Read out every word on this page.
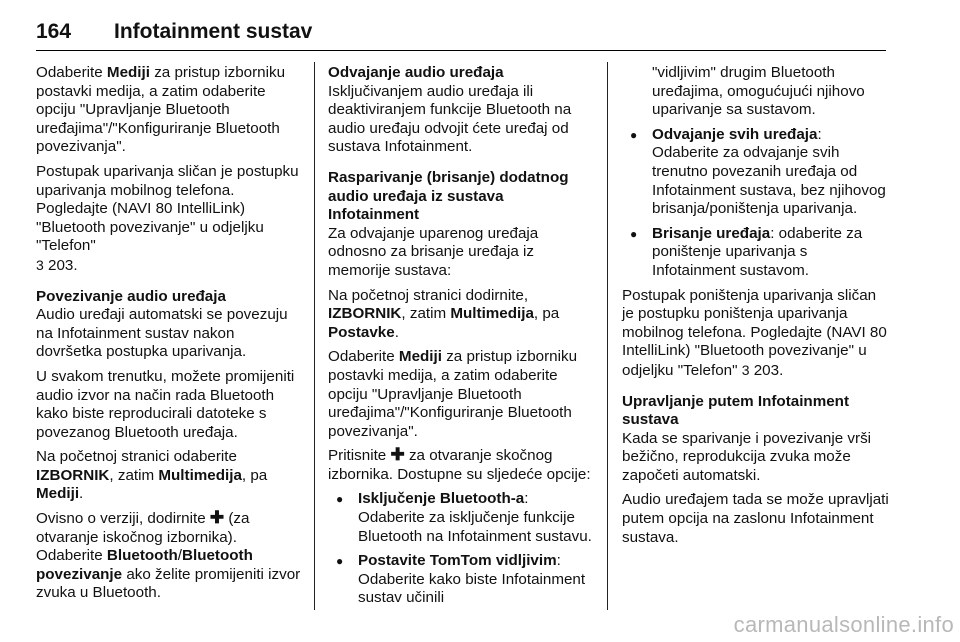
164 Infotainment sustav

Odaberite Mediji za pristup izborniku postavki medija, a zatim odaberite opciju "Upravljanje Bluetooth uređajima"/"Konfiguriranje Bluetooth povezivanja".

Postupak uparivanja sličan je postupku uparivanja mobilnog telefona. Pogledajte (NAVI 80 IntelliLink) "Bluetooth povezivanje" u odjeljku "Telefon"
3 203.

Povezivanje audio uređaja

Audio uređaji automatski se povezuju na Infotainment sustav nakon dovršetka postupka uparivanja.

U svakom trenutku, možete promijeniti audio izvor na način rada Bluetooth kako biste reproducirali datoteke s povezanog Bluetooth uređaja.

Na početnoj stranici odaberite IZBORNIK, zatim Multimedija, pa Mediji.

Ovisno o verziji, dodirnite ✚ (za otvaranje iskočnog izbornika). Odaberite Bluetooth/Bluetooth povezivanje ako želite promijeniti izvor zvuka u Bluetooth.

Odvajanje audio uređaja

Isključivanjem audio uređaja ili deaktiviranjem funkcije Bluetooth na audio uređaju odvojit ćete uređaj od sustava Infotainment.

Rasparivanje (brisanje) dodatnog audio uređaja iz sustava Infotainment

Za odvajanje uparenog uređaja odnosno za brisanje uređaja iz memorije sustava:

Na početnoj stranici dodirnite,
IZBORNIK, zatim Multimedija, pa Postavke.

Odaberite Mediji za pristup izborniku postavki medija, a zatim odaberite opciju "Upravljanje Bluetooth uređajima"/"Konfiguriranje Bluetooth povezivanja".

Pritisnite ✚ za otvaranje skočnog izbornika. Dostupne su sljedeće opcije:

● Isključenje Bluetooth-a: Odaberite za isključenje funkcije Bluetooth na Infotainment sustavu.
● Postavite TomTom vidljivim: Odaberite kako biste Infotainment sustav učinili
"vidljivim" drugim Bluetooth uređajima, omogućujući njihovo uparivanje sa sustavom.
● Odvajanje svih uređaja: Odaberite za odvajanje svih trenutno povezanih uređaja od Infotainment sustava, bez njihovog brisanja/poništenja uparivanja.
● Brisanje uređaja: odaberite za poništenje uparivanja s Infotainment sustavom.

Postupak poništenja uparivanja sličan je postupku poništenja uparivanja mobilnog telefona. Pogledajte (NAVI 80 IntelliLink) "Bluetooth povezivanje" u odjeljku "Telefon" 3 203.

Upravljanje putem Infotainment sustava

Kada se sparivanje i povezivanje vrši bežično, reprodukcija zvuka može započeti automatski.

Audio uređajem tada se može upravljati putem opcija na zaslonu Infotainment sustava.

carmanualsonline.info
